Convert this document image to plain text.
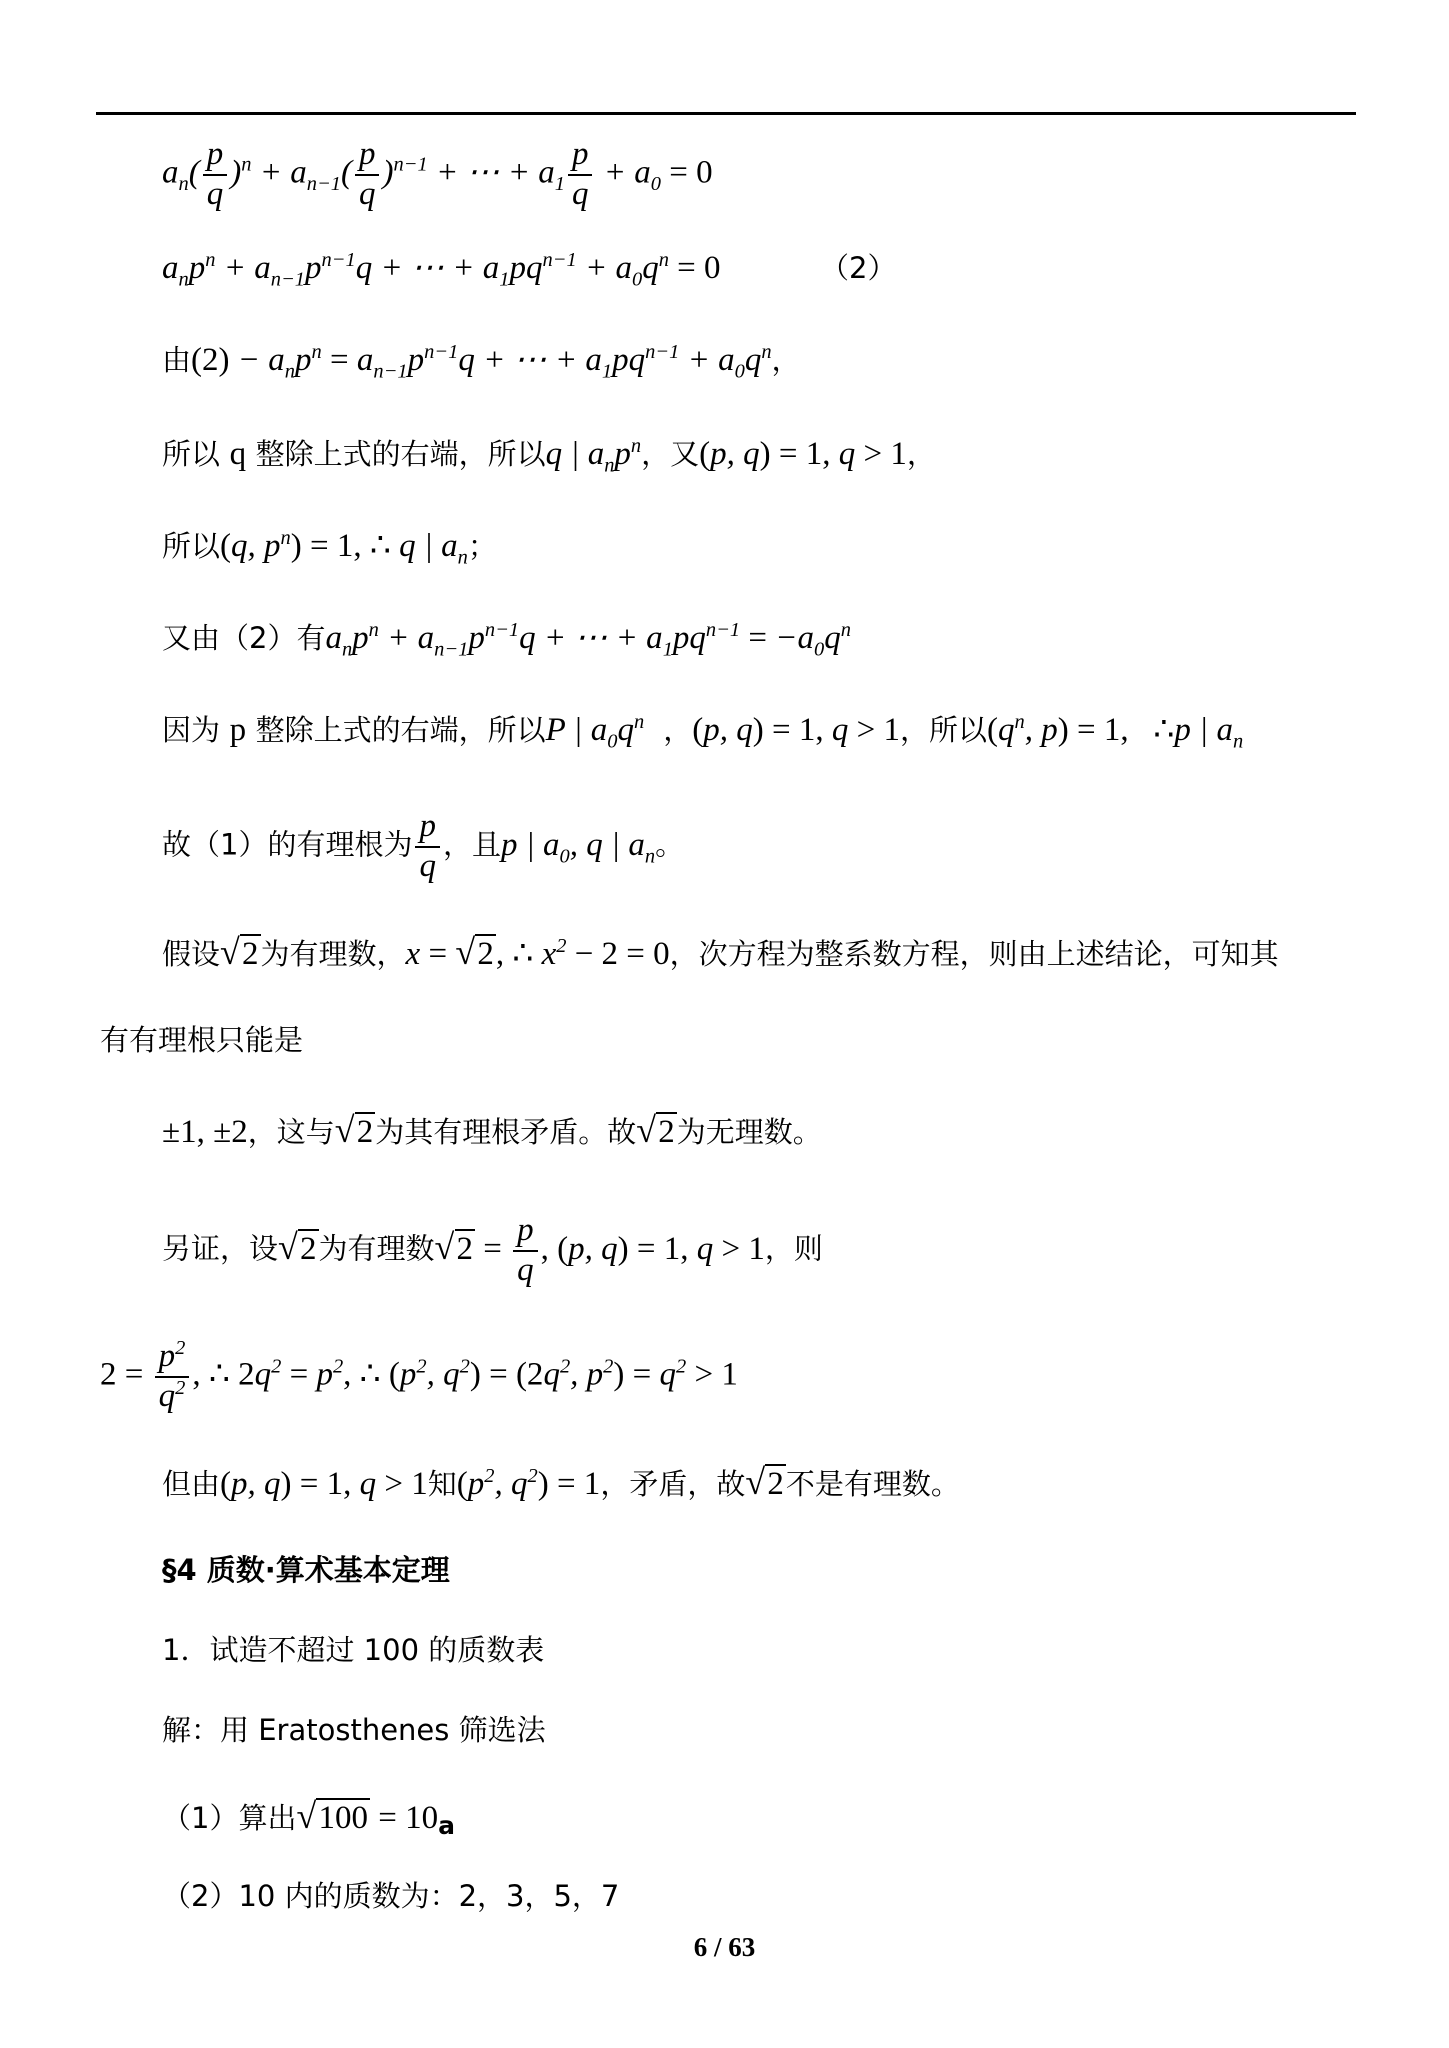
$a_n( \frac{p}{q} )^n + a_{n-1}( \frac{p}{q} )^{n-1}$ + ⋯ + $a_1 \frac{p}{q} + a_0 = 0$
$a_np^n + a_{n-1}p^{n-1}q$ + ⋯ + $a_1pq^{n-1} + a_0q^n = 0$	（2）
由$(2) - a_np^n = a_{n-1}p^{n-1}q$ + ⋯ + $a_1pq^{n-1} + a_0q^n$，
所以 q 整除上式的右端，所以q | $a_np^n$，又(p, q) = 1, q > 1，
所以(q, $p^n) = 1$, ∴ q | $a_n$；
又由（2）有$a_np^n + a_{n-1}p^{n-1}q$ + ⋯ + $a_1pq^{n-1} = -a_0q^n$
因为 p 整除上式的右端，所以P | $a_0q^n$ ，(p, q) = 1, q > 1，所以($q^n$, p) = 1, ∴p | $a_n$
故（1）的有理根为 $\frac{p}{q}$ ，且p | $a_0$, q | $a_n$。
假设 √ 2为有理数，x = √ 2, ∴ $x^2 - 2 = 0$，次方程为整系数方程，则由上述结论，可知其
有有理根只能是
±1, ±2，这与 √ 2为其有理根矛盾。故 √ 2为无理数。
另证，设 √ 2为有理数 √ $2 = \frac{p}{q}$ , (p, q) = 1, q > 1，则
$2 = \frac{p^2}{q^2}$ , ∴ $2q^2 = p^2$, ∴ ($p^2$, $q^2) = (2q^2$, $p^2) = q^2 > 1$
但由(p, q) = 1, q > 1知($p^2$, $q^2) = 1$，矛盾，故 √ 2不是有理数。
§4 质数·算术基本定理
1．试造不超过 100 的质数表
解：用 Eratosthenes 筛选法
（1）算出 √ $100 = 10_a$
（2）10 内的质数为：2，3，5，7
6 / 63
